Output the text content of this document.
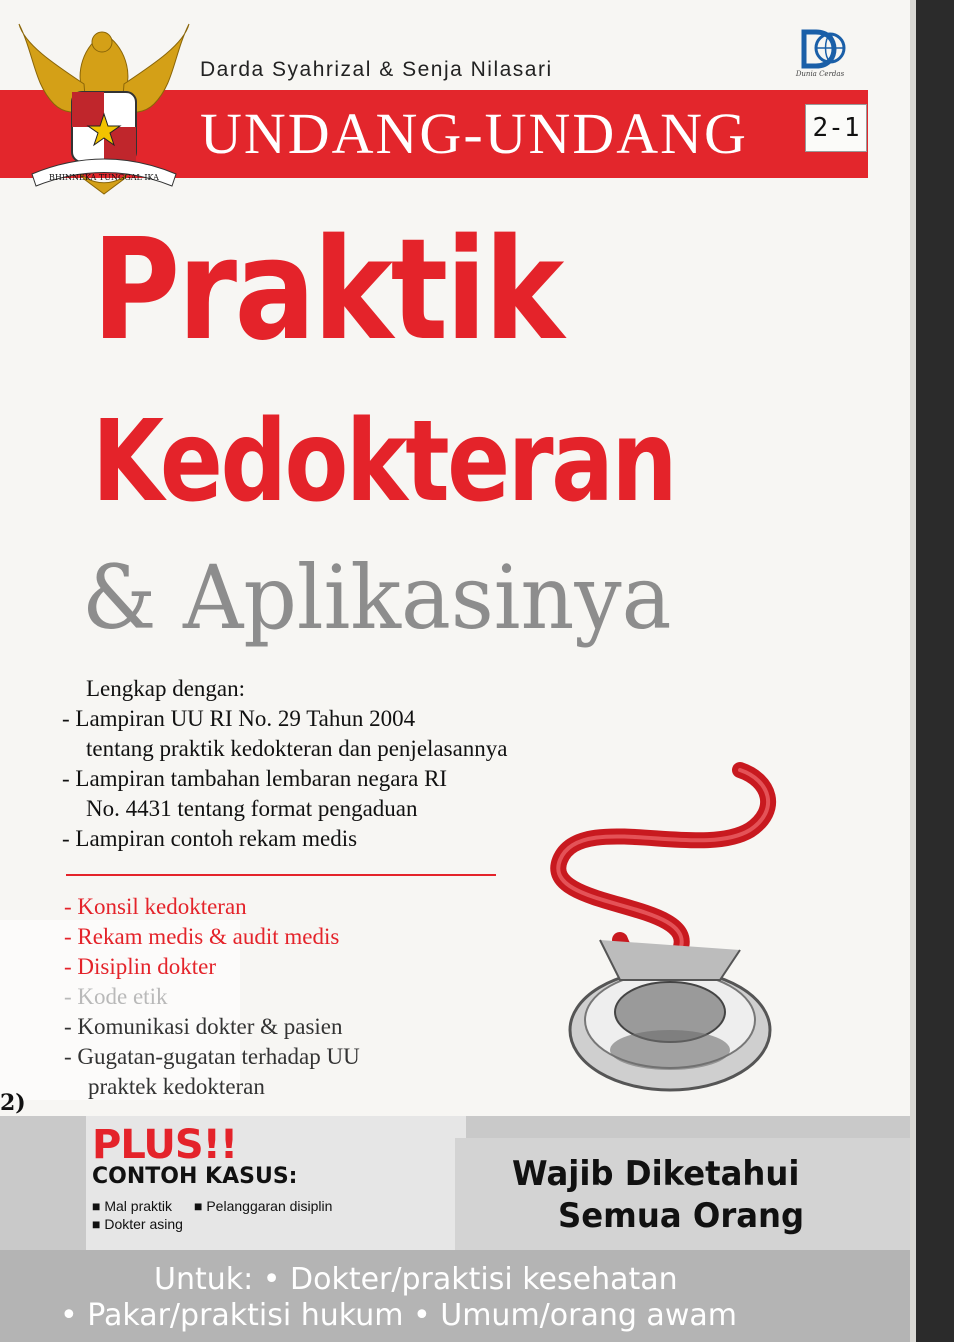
UNDANG-UNDANG
Darda Syahrizal & Senja Nilasari
BHINNEKA TUNGGAL IKA
Dunia Cerdas
2-1
Praktik
Kedokteran
& Aplikasinya
Lengkap dengan:
- Lampiran UU RI No. 29 Tahun 2004
tentang praktik kedokteran dan penjelasannya
- Lampiran tambahan lembaran negara RI
No. 4431 tentang format pengaduan
- Lampiran contoh rekam medis
- Konsil kedokteran
- Rekam medis & audit medis
- Disiplin dokter
- Kode etik
- Komunikasi dokter & pasien
- Gugatan-gugatan terhadap UU
praktek kedokteran
2)
PLUS!!
CONTOH KASUS:
■ Mal praktik ■ Pelanggaran disiplin
■ Dokter asing
Wajib Diketahui
Semua Orang
Untuk: • Dokter/praktisi kesehatan
• Pakar/praktisi hukum • Umum/orang awam
